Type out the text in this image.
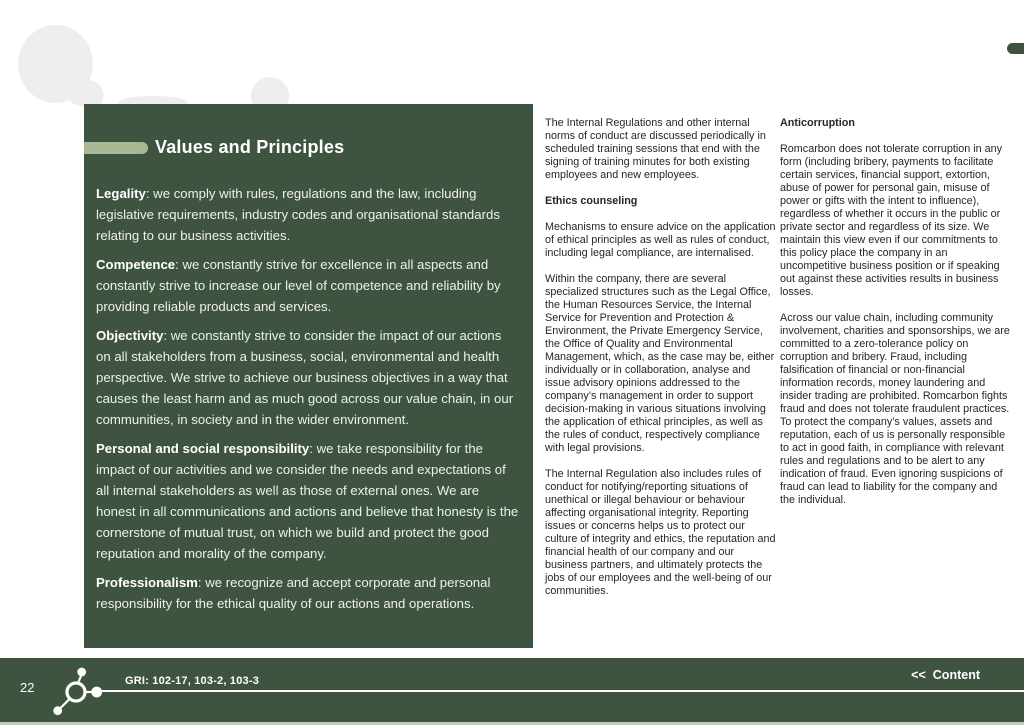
Values and Principles

Legality: we comply with rules, regulations and the law, including legislative requirements, industry codes and organisational standards relating to our business activities.

Competence: we constantly strive for excellence in all aspects and constantly strive to increase our level of competence and reliability by providing reliable products and services.

Objectivity: we constantly strive to consider the impact of our actions on all stakeholders from a business, social, environmental and health perspective. We strive to achieve our business objectives in a way that causes the least harm and as much good across our value chain, in our communities, in society and in the wider environment.

Personal and social responsibility: we take responsibility for the impact of our activities and we consider the needs and expectations of all internal stakeholders as well as those of external ones. We are honest in all communications and actions and believe that honesty is the cornerstone of mutual trust, on which we build and protect the good reputation and morality of the company.

Professionalism: we recognize and accept corporate and personal responsibility for the ethical quality of our actions and operations.

The Internal Regulations and other internal norms of conduct are discussed periodically in scheduled training sessions that end with the signing of training minutes for both existing employees and new employees.

Ethics counseling

Mechanisms to ensure advice on the application of ethical principles as well as rules of conduct, including legal compliance, are internalised.

Within the company, there are several specialized structures such as the Legal Office, the Human Resources Service, the Internal Service for Prevention and Protection & Environment, the Private Emergency Service, the Office of Quality and Environmental Management, which, as the case may be, either individually or in collaboration, analyse and issue advisory opinions addressed to the company’s management in order to support decision-making in various situations involving the application of ethical principles, as well as the rules of conduct, respectively compliance with legal provisions.

The Internal Regulation also includes rules of conduct for notifying/reporting situations of unethical or illegal behaviour or behaviour affecting organisational integrity. Reporting issues or concerns helps us to protect our culture of integrity and ethics, the reputation and financial health of our company and our business partners, and ultimately protects the jobs of our employees and the well-being of our communities.

Anticorruption

Romcarbon does not tolerate corruption in any form (including bribery, payments to facilitate certain services, financial support, extortion, abuse of power for personal gain, misuse of power or gifts with the intent to influence), regardless of whether it occurs in the public or private sector and regardless of its size. We maintain this view even if our commitments to this policy place the company in an uncompetitive business position or if speaking out against these activities results in business losses.

Across our value chain, including community involvement, charities and sponsorships, we are committed to a zero-tolerance policy on corruption and bribery. Fraud, including falsification of financial or non-financial information records, money laundering and insider trading are prohibited. Romcarbon fights fraud and does not tolerate fraudulent practices. To protect the company’s values, assets and reputation, each of us is personally responsible to act in good faith, in compliance with relevant rules and regulations and to be alert to any indication of fraud. Even ignoring suspicions of fraud can lead to liability for the company and the individual.

22	GRI: 102-17, 103-2, 103-3	<< Content
